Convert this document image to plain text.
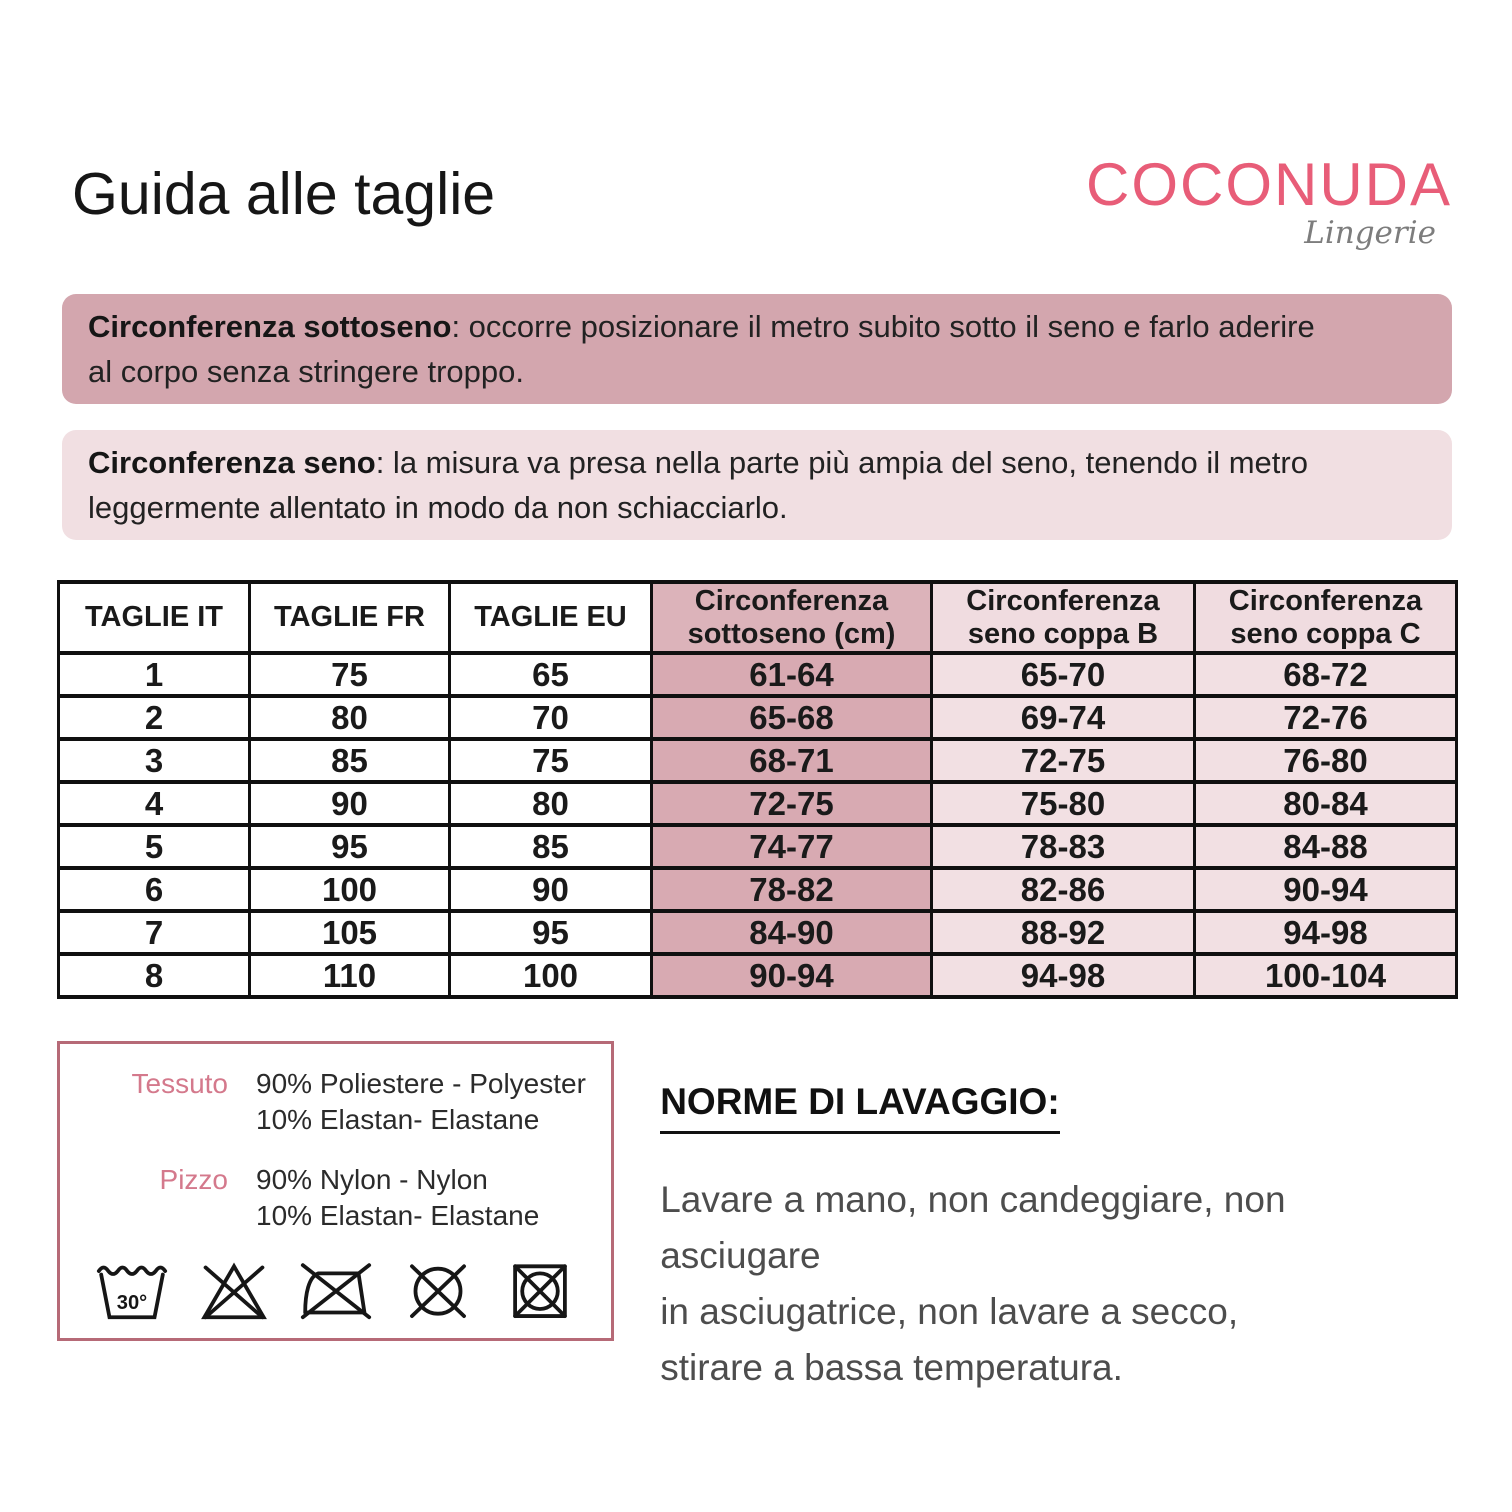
Guida alle taglie	COCONUDA
Lingerie
Circonferenza sottoseno: occorre posizionare il metro subito sotto il seno e farlo aderire
al corpo senza stringere troppo.
Circonferenza seno: la misura va presa nella parte più ampia del seno, tenendo il metro
leggermente allentato in modo da non schiacciarlo.
TAGLIE IT	TAGLIE FR	TAGLIE EU	Circonferenza sottoseno (cm)	Circonferenza seno coppa B	Circonferenza seno coppa C
1	75	65	61-64	65-70	68-72
2	80	70	65-68	69-74	72-76
3	85	75	68-71	72-75	76-80
4	90	80	72-75	75-80	80-84
5	95	85	74-77	78-83	84-88
6	100	90	78-82	82-86	90-94
7	105	95	84-90	88-92	94-98
8	110	100	90-94	94-98	100-104
Tessuto 90% Poliestere - Polyester
10% Elastan- Elastane
Pizzo 90% Nylon - Nylon
10% Elastan- Elastane
30°
NORME DI LAVAGGIO:
Lavare a mano, non candeggiare, non asciugare
in asciugatrice, non lavare a secco,
stirare a bassa temperatura.
